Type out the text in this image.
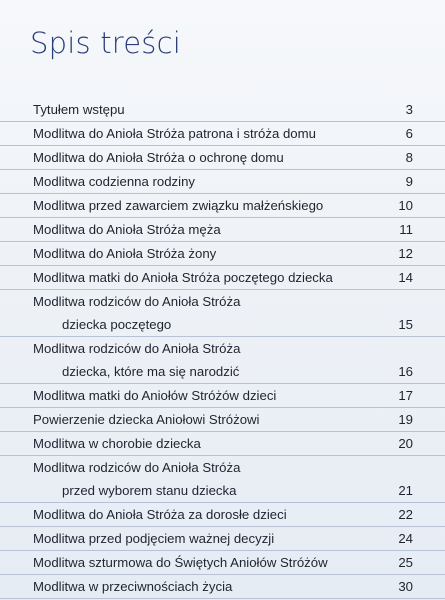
Spis treści
Tytułem wstępu	3
Modlitwa do Anioła Stróża patrona i stróża domu	6
Modlitwa do Anioła Stróża o ochronę domu	8
Modlitwa codzienna rodziny	9
Modlitwa przed zawarciem związku małżeńskiego	10
Modlitwa do Anioła Stróża męża	11
Modlitwa do Anioła Stróża żony	12
Modlitwa matki do Anioła Stróża poczętego dziecka	14
Modlitwa rodziców do Anioła Stróża
dziecka poczętego	15
Modlitwa rodziców do Anioła Stróża
dziecka, które ma się narodzić	16
Modlitwa matki do Aniołów Stróżów dzieci	17
Powierzenie dziecka Aniołowi Stróżowi	19
Modlitwa w chorobie dziecka	20
Modlitwa rodziców do Anioła Stróża
przed wyborem stanu dziecka	21
Modlitwa do Anioła Stróża za dorosłe dzieci	22
Modlitwa przed podjęciem ważnej decyzji	24
Modlitwa szturmowa do Świętych Aniołów Stróżów	25
Modlitwa w przeciwnościach życia	30
